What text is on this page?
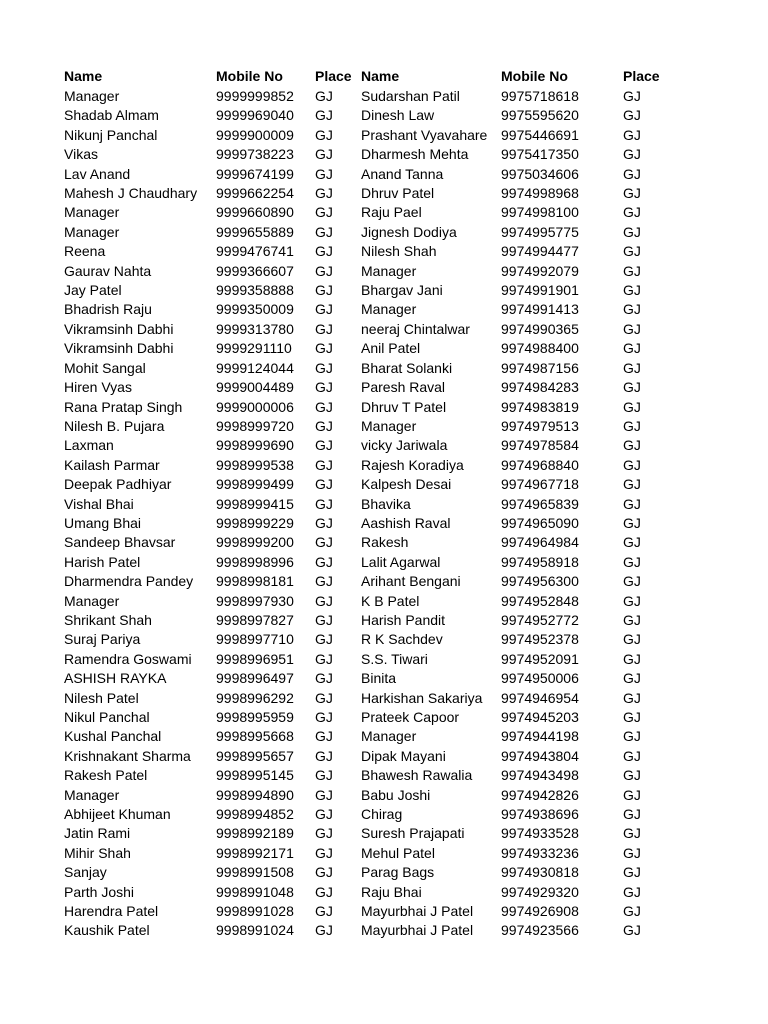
Name	Mobile No	Place	Name	Mobile No	Place
Manager	9999999852	GJ	Sudarshan Patil	9975718618	GJ
Shadab Almam	9999969040	GJ	Dinesh Law	9975595620	GJ
Nikunj Panchal	9999900009	GJ	Prashant Vyavahare	9975446691	GJ
Vikas	9999738223	GJ	Dharmesh Mehta	9975417350	GJ
Lav Anand	9999674199	GJ	Anand Tanna	9975034606	GJ
Mahesh J Chaudhary	9999662254	GJ	Dhruv Patel	9974998968	GJ
Manager	9999660890	GJ	Raju Pael	9974998100	GJ
Manager	9999655889	GJ	Jignesh Dodiya	9974995775	GJ
Reena	9999476741	GJ	Nilesh Shah	9974994477	GJ
Gaurav Nahta	9999366607	GJ	Manager	9974992079	GJ
Jay Patel	9999358888	GJ	Bhargav Jani	9974991901	GJ
Bhadrish Raju	9999350009	GJ	Manager	9974991413	GJ
Vikramsinh Dabhi	9999313780	GJ	neeraj Chintalwar	9974990365	GJ
Vikramsinh Dabhi	9999291110	GJ	Anil Patel	9974988400	GJ
Mohit Sangal	9999124044	GJ	Bharat Solanki	9974987156	GJ
Hiren Vyas	9999004489	GJ	Paresh Raval	9974984283	GJ
Rana Pratap Singh	9999000006	GJ	Dhruv T Patel	9974983819	GJ
Nilesh B. Pujara	9998999720	GJ	Manager	9974979513	GJ
Laxman	9998999690	GJ	vicky Jariwala	9974978584	GJ
Kailash Parmar	9998999538	GJ	Rajesh Koradiya	9974968840	GJ
Deepak Padhiyar	9998999499	GJ	Kalpesh Desai	9974967718	GJ
Vishal Bhai	9998999415	GJ	Bhavika	9974965839	GJ
Umang Bhai	9998999229	GJ	Aashish Raval	9974965090	GJ
Sandeep Bhavsar	9998999200	GJ	Rakesh	9974964984	GJ
Harish Patel	9998998996	GJ	Lalit Agarwal	9974958918	GJ
Dharmendra Pandey	9998998181	GJ	Arihant Bengani	9974956300	GJ
Manager	9998997930	GJ	K B Patel	9974952848	GJ
Shrikant Shah	9998997827	GJ	Harish Pandit	9974952772	GJ
Suraj Pariya	9998997710	GJ	R K Sachdev	9974952378	GJ
Ramendra Goswami	9998996951	GJ	S.S. Tiwari	9974952091	GJ
ASHISH RAYKA	9998996497	GJ	Binita	9974950006	GJ
Nilesh Patel	9998996292	GJ	Harkishan Sakariya	9974946954	GJ
Nikul Panchal	9998995959	GJ	Prateek Capoor	9974945203	GJ
Kushal Panchal	9998995668	GJ	Manager	9974944198	GJ
Krishnakant Sharma	9998995657	GJ	Dipak Mayani	9974943804	GJ
Rakesh Patel	9998995145	GJ	Bhawesh Rawalia	9974943498	GJ
Manager	9998994890	GJ	Babu Joshi	9974942826	GJ
Abhijeet Khuman	9998994852	GJ	Chirag	9974938696	GJ
Jatin Rami	9998992189	GJ	Suresh Prajapati	9974933528	GJ
Mihir Shah	9998992171	GJ	Mehul Patel	9974933236	GJ
Sanjay	9998991508	GJ	Parag Bags	9974930818	GJ
Parth Joshi	9998991048	GJ	Raju Bhai	9974929320	GJ
Harendra Patel	9998991028	GJ	Mayurbhai J Patel	9974926908	GJ
Kaushik Patel	9998991024	GJ	Mayurbhai J Patel	9974923566	GJ
